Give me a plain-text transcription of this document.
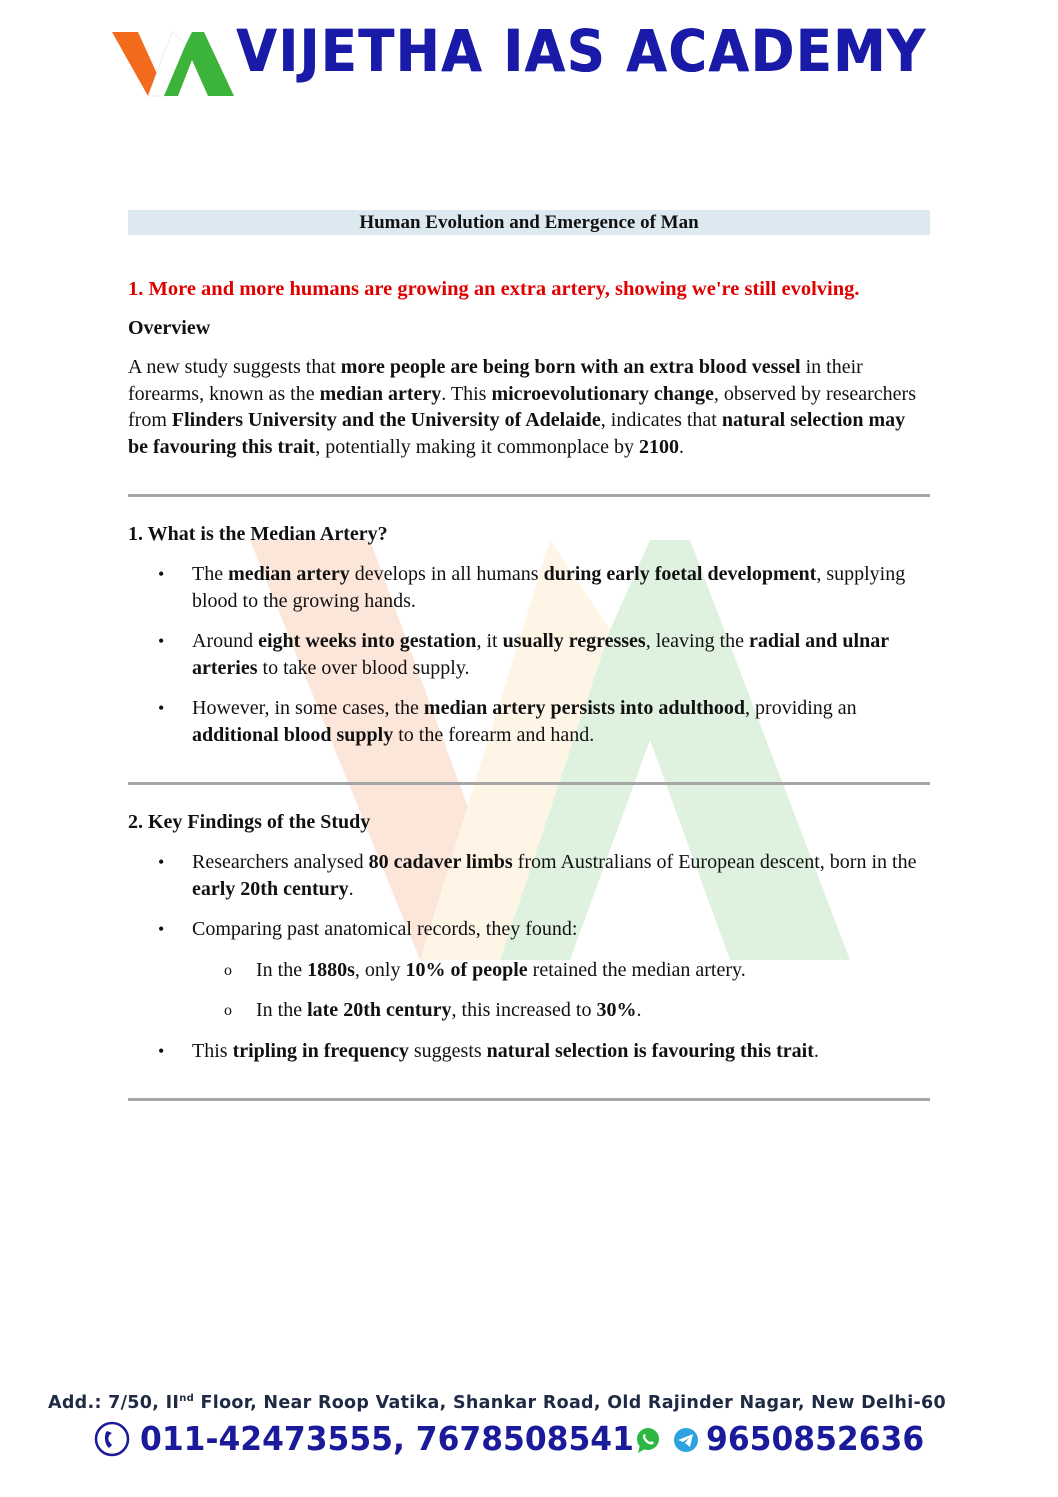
VIJETHA IAS ACADEMY
Human Evolution and Emergence of Man
1. More and more humans are growing an extra artery, showing we're still evolving.
Overview

A new study suggests that more people are being born with an extra blood vessel in their forearms, known as the median artery. This microevolutionary change, observed by researchers from Flinders University and the University of Adelaide, indicates that natural selection may be favouring this trait, potentially making it commonplace by 2100.

1. What is the Median Artery?
• The median artery develops in all humans during early foetal development, supplying blood to the growing hands.
• Around eight weeks into gestation, it usually regresses, leaving the radial and ulnar arteries to take over blood supply.
• However, in some cases, the median artery persists into adulthood, providing an additional blood supply to the forearm and hand.
2. Key Findings of the Study
• Researchers analysed 80 cadaver limbs from Australians of European descent, born in the early 20th century.
• Comparing past anatomical records, they found:
o In the 1880s, only 10% of people retained the median artery.
o In the late 20th century, this increased to 30%.
• This tripling in frequency suggests natural selection is favouring this trait.
Add.: 7/50, IInd Floor, Near Roop Vatika, Shankar Road, Old Rajinder Nagar, New Delhi-60
011-42473555, 7678508541 9650852636
